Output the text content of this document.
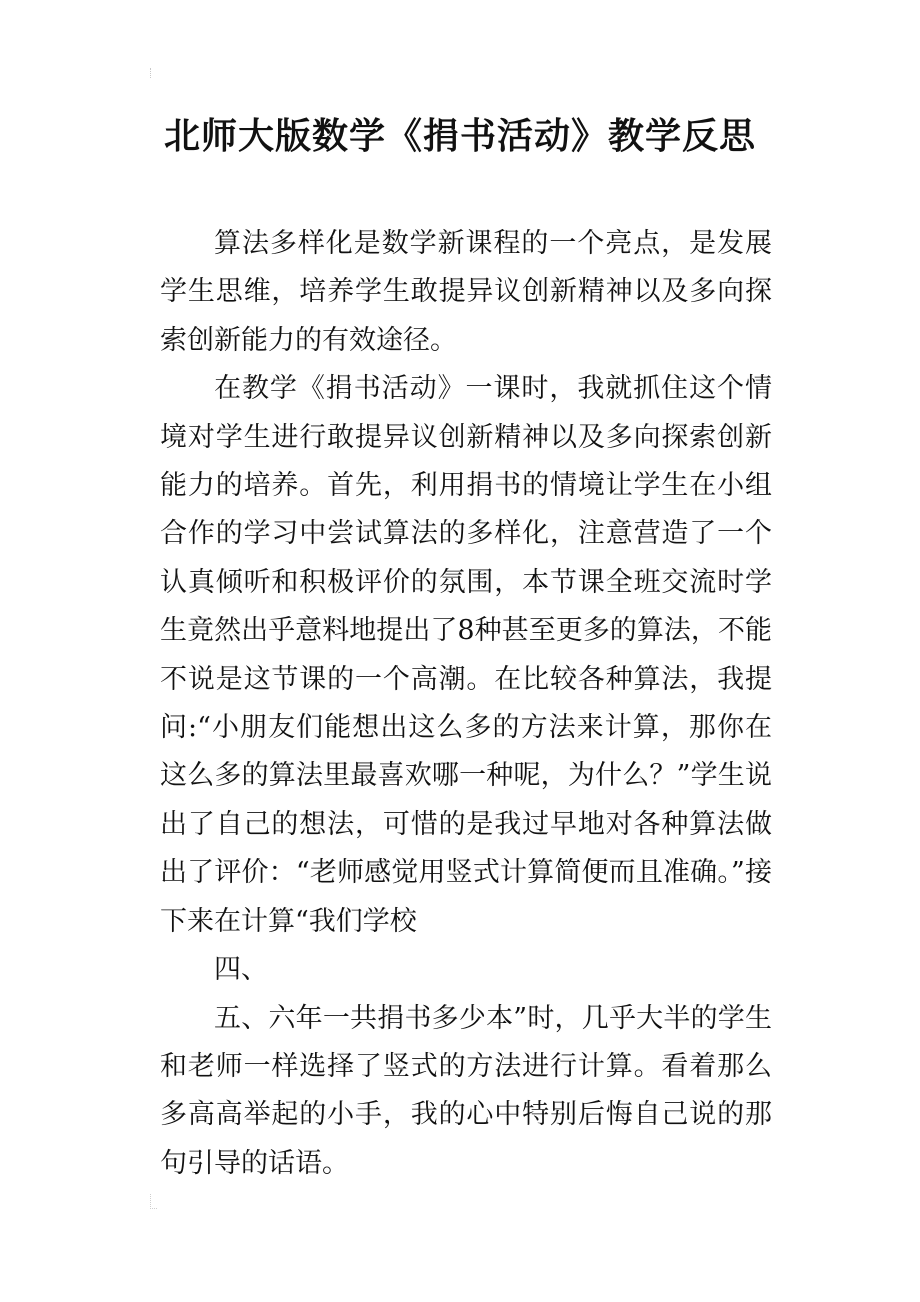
北师大版数学《捐书活动》教学反思

算法多样化是数学新课程的一个亮点，是发展学生思维，培养学生敢提异议创新精神以及多向探索创新能力的有效途径。

在教学《捐书活动》一课时，我就抓住这个情境对学生进行敢提异议创新精神以及多向探索创新能力的培养。首先，利用捐书的情境让学生在小组合作的学习中尝试算法的多样化，注意营造了一个认真倾听和积极评价的氛围，本节课全班交流时学生竟然出乎意料地提出了8种甚至更多的算法，不能不说是这节课的一个高潮。在比较各种算法，我提问:“小朋友们能想出这么多的方法来计算，那你在这么多的算法里最喜欢哪一种呢，为什么？”学生说出了自己的想法，可惜的是我过早地对各种算法做出了评价：“老师感觉用竖式计算简便而且准确。”接下来在计算“我们学校

四、

五、六年一共捐书多少本”时，几乎大半的学生和老师一样选择了竖式的方法进行计算。看着那么多高高举起的小手，我的心中特别后悔自己说的那句引导的话语。
